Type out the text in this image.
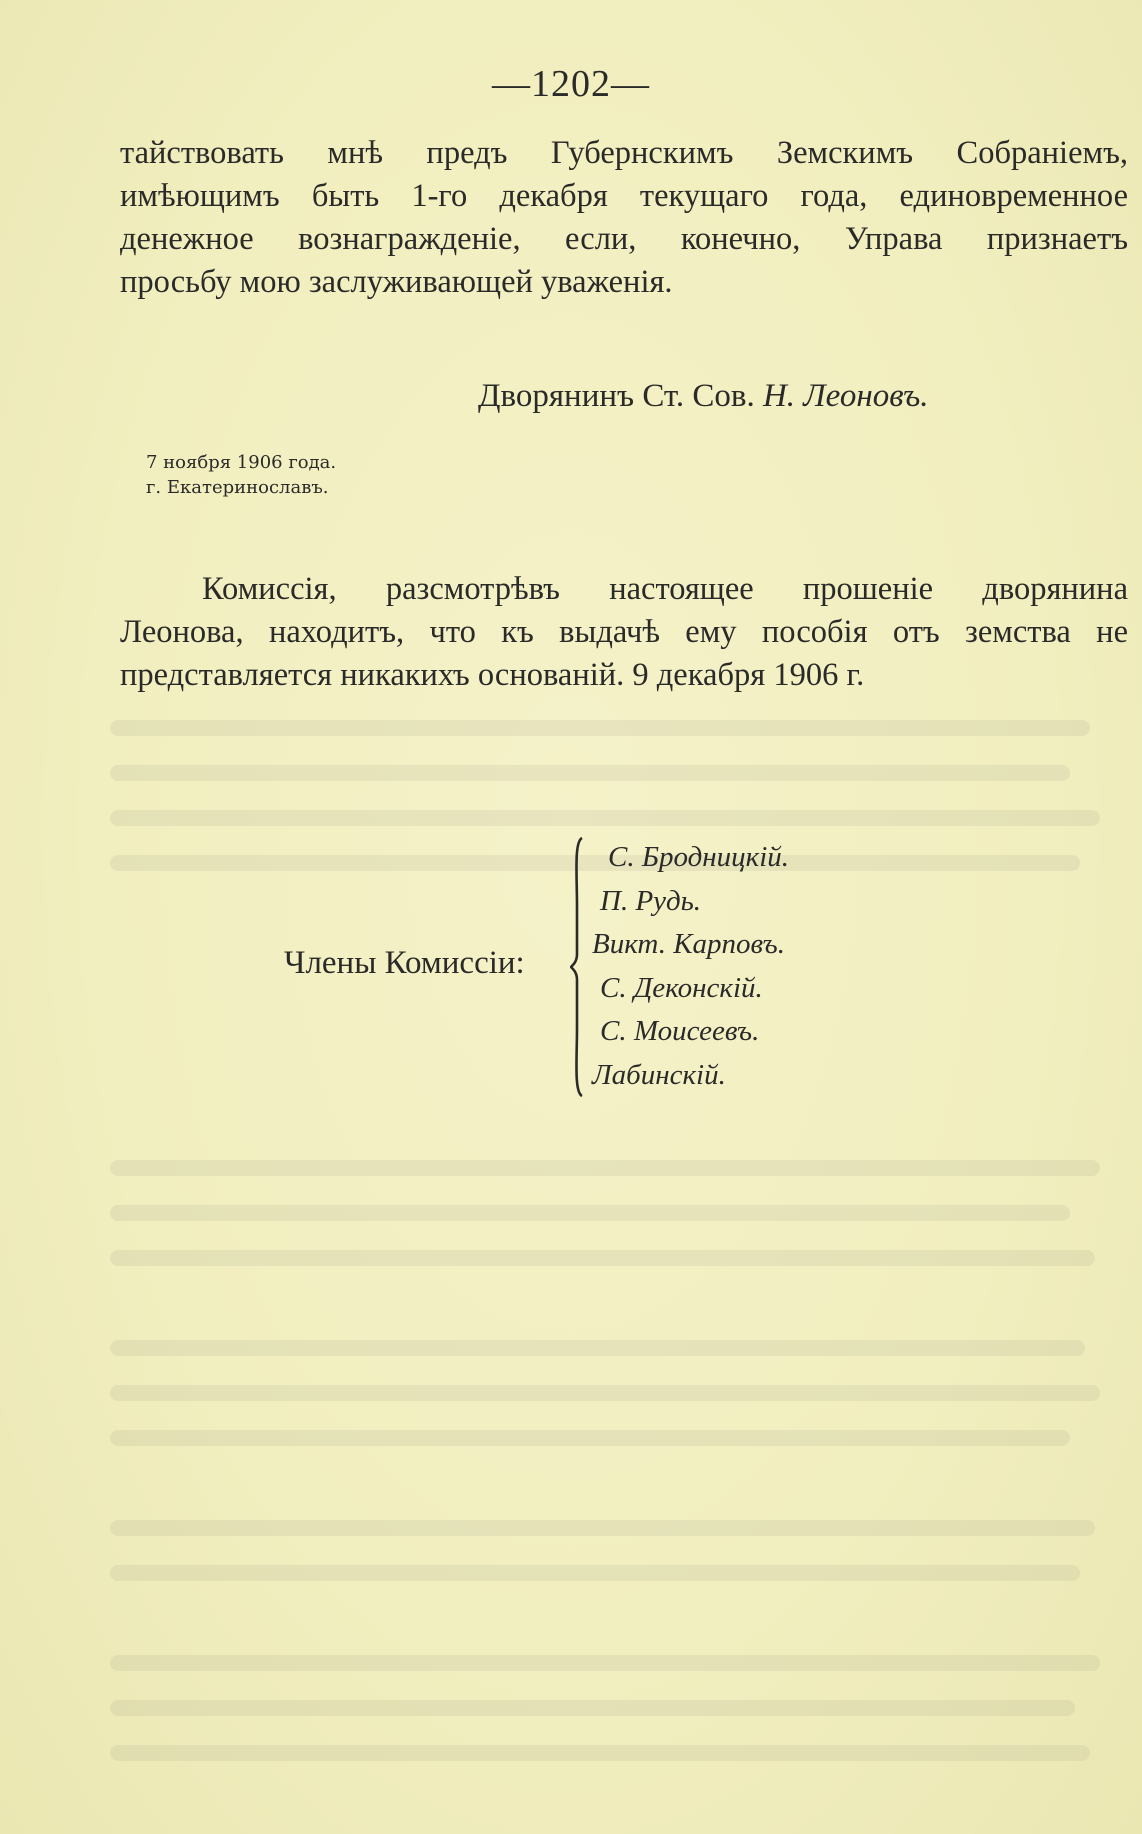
—1202—
тайствовать мнѣ предъ Губернскимъ Земскимъ Собраніемъ,
имѣющимъ быть 1-го декабря текущаго года, единовременное
денежное вознагражденіе, если, конечно, Управа признаетъ
просьбу мою заслуживающей уваженія.
Дворянинъ Ст. Сов. Н. Леоновъ.
7 ноября 1906 года.
г. Екатеринославъ.
Комиссія, разсмотрѣвъ настоящее прошеніе дворянина
Леонова, находитъ, что къ выдачѣ ему пособія отъ земства не
представляется никакихъ основаній. 9 декабря 1906 г.
Члены Комиссіи:
С. Бродницкій.
П. Рудь.
Викт. Карповъ.
С. Деконскій.
С. Моисеевъ.
Лабинскій.
